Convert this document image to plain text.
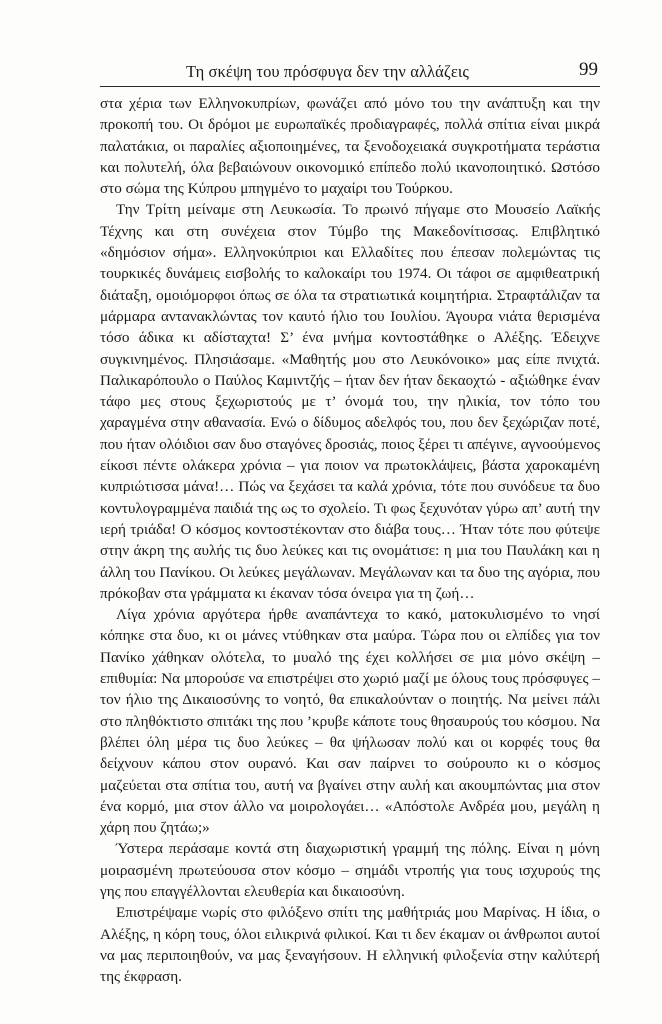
Τη σκέψη του πρόσφυγα δεν την αλλάζεις	99

στα χέρια των Ελληνοκυπρίων, φωνάζει από μόνο του την ανάπτυξη και την προκοπή του. Οι δρόμοι με ευρωπαϊκές προδιαγραφές, πολλά σπίτια είναι μικρά παλατάκια, οι παραλίες αξιοποιημένες, τα ξενοδοχειακά συγκροτήματα τεράστια και πολυτελή, όλα βεβαιώνουν οικονομικό επίπεδο πολύ ικανοποιητικό. Ωστόσο στο σώμα της Κύπρου μπηγμένο το μαχαίρι του Τούρκου.

Την Τρίτη μείναμε στη Λευκωσία. Το πρωινό πήγαμε στο Μουσείο Λαϊκής Τέχνης και στη συνέχεια στον Τύμβο της Μακεδονίτισσας. Επιβλητικό «δημόσιον σήμα». Ελληνοκύπριοι και Ελλαδίτες που έπεσαν πολεμώντας τις τουρκικές δυνάμεις εισβολής το καλοκαίρι του 1974. Οι τάφοι σε αμφιθεατρική διάταξη, ομοιόμορφοι όπως σε όλα τα στρατιωτικά κοιμητήρια. Στραφτάλιζαν τα μάρμαρα αντανακλώντας τον καυτό ήλιο του Ιουλίου. Άγουρα νιάτα θερισμένα τόσο άδικα κι αδίσταχτα! Σ’ ένα μνήμα κοντοστάθηκε ο Αλέξης. Έδειχνε συγκινημένος. Πλησιάσαμε. «Μαθητής μου στο Λευκόνοικο» μας είπε πνιχτά. Παλικαρόπουλο ο Παύλος Καμιντζής – ήταν δεν ήταν δεκαοχτώ - αξιώθηκε έναν τάφο μες στους ξεχωριστούς με τ’ όνομά του, την ηλικία, τον τόπο του χαραγμένα στην αθανασία. Ενώ ο δίδυμος αδελφός του, που δεν ξεχώριζαν ποτέ, που ήταν ολόιδιοι σαν δυο σταγόνες δροσιάς, ποιος ξέρει τι απέγινε, αγνοούμενος είκοσι πέντε ολάκερα χρόνια – για ποιον να πρωτοκλάψεις, βάστα χαροκαμένη κυπριώτισσα μάνα!… Πώς να ξεχάσει τα καλά χρόνια, τότε που συνόδευε τα δυο κοντυλογραμμένα παιδιά της ως το σχολείο. Τι φως ξεχυνόταν γύρω απ’ αυτή την ιερή τριάδα! Ο κόσμος κοντοστέκονταν στο διάβα τους… Ήταν τότε που φύτεψε στην άκρη της αυλής τις δυο λεύκες και τις ονομάτισε: η μια του Παυλάκη και η άλλη του Πανίκου. Οι λεύκες μεγάλωναν. Μεγάλωναν και τα δυο της αγόρια, που πρόκοβαν στα γράμματα κι έκαναν τόσα όνειρα για τη ζωή…

Λίγα χρόνια αργότερα ήρθε αναπάντεχα το κακό, ματοκυλισμένο το νησί κόπηκε στα δυο, κι οι μάνες ντύθηκαν στα μαύρα. Τώρα που οι ελπίδες για τον Πανίκο χάθηκαν ολότελα, το μυαλό της έχει κολλήσει σε μια μόνο σκέψη – επιθυμία: Να μπορούσε να επιστρέψει στο χωριό μαζί με όλους τους πρόσφυγες – τον ήλιο της Δικαιοσύνης το νοητό, θα επικαλούνταν ο ποιητής. Να μείνει πάλι στο πληθόκτιστο σπιτάκι της που ’κρυβε κάποτε τους θησαυρούς του κόσμου. Να βλέπει όλη μέρα τις δυο λεύκες – θα ψήλωσαν πολύ και οι κορφές τους θα δείχνουν κάπου στον ουρανό. Και σαν παίρνει το σούρουπο κι ο κόσμος μαζεύεται στα σπίτια του, αυτή να βγαίνει στην αυλή και ακουμπώντας μια στον ένα κορμό, μια στον άλλο να μοιρολογάει… «Απόστολε Ανδρέα μου, μεγάλη η χάρη που ζητάω;»

Ύστερα περάσαμε κοντά στη διαχωριστική γραμμή της πόλης. Είναι η μόνη μοιρασμένη πρωτεύουσα στον κόσμο – σημάδι ντροπής για τους ισχυρούς της γης που επαγγέλλονται ελευθερία και δικαιοσύνη.

Επιστρέψαμε νωρίς στο φιλόξενο σπίτι της μαθήτριάς μου Μαρίνας. Η ίδια, ο Αλέξης, η κόρη τους, όλοι ειλικρινά φιλικοί. Και τι δεν έκαμαν οι άνθρωποι αυτοί να μας περιποιηθούν, να μας ξεναγήσουν. Η ελληνική φιλοξενία στην καλύτερή της έκφραση.
